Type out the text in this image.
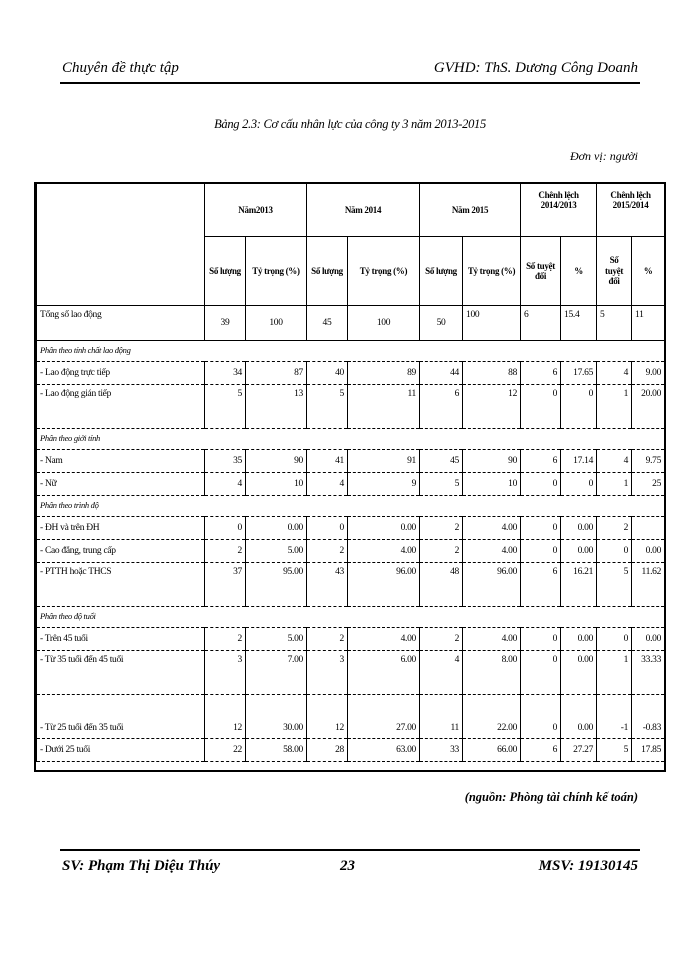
Chuyên đề thực tập	GVHD: ThS. Dương Công Doanh
Bảng 2.3: Cơ cấu nhân lực của công ty 3 năm 2013-2015
Đơn vị: người
	Năm2013		Năm 2014		Năm 2015		Chênh lệch 2014/2013		Chênh lệch 2015/2014	
	Số lượng	Tỷ trọng (%)	Số lượng	Tỷ trọng (%)	Số lượng	Tỷ trọng (%)	Số tuyệt đối	%	Số tuyệt đối	%
Tổng số lao động	39	100	45	100	50	100	6	15.4	5	11
Phân theo tính chất lao động										
- Lao động trực tiếp	34	87	40	89	44	88	6	17.65	4	9.00
- Lao động gián tiếp	5	13	5	11	6	12	0	0	1	20.00
Phân theo giới tính										
- Nam	35	90	41	91	45	90	6	17.14	4	9.75
- Nữ	4	10	4	9	5	10	0	0	1	25
Phân theo trình độ										
- ĐH và trên ĐH	0	0.00	0	0.00	2	4.00	0	0.00	2	
- Cao đẳng, trung cấp	2	5.00	2	4.00	2	4.00	0	0.00	0	0.00
- PTTH hoặc THCS	37	95.00	43	96.00	48	96.00	6	16.21	5	11.62
Phân theo độ tuổi										
- Trên 45 tuổi	2	5.00	2	4.00	2	4.00	0	0.00	0	0.00
- Từ 35 tuổi đến 45 tuổi	3	7.00	3	6.00	4	8.00	0	0.00	1	33.33
- Từ 25 tuổi đến 35 tuổi	12	30.00	12	27.00	11	22.00	0	0.00	-1	-0.83
- Dưới 25 tuổi	22	58.00	28	63.00	33	66.00	6	27.27	5	17.85
(nguồn: Phòng tài chính kế toán)
SV: Phạm Thị Diệu Thúy	23	MSV: 19130145
